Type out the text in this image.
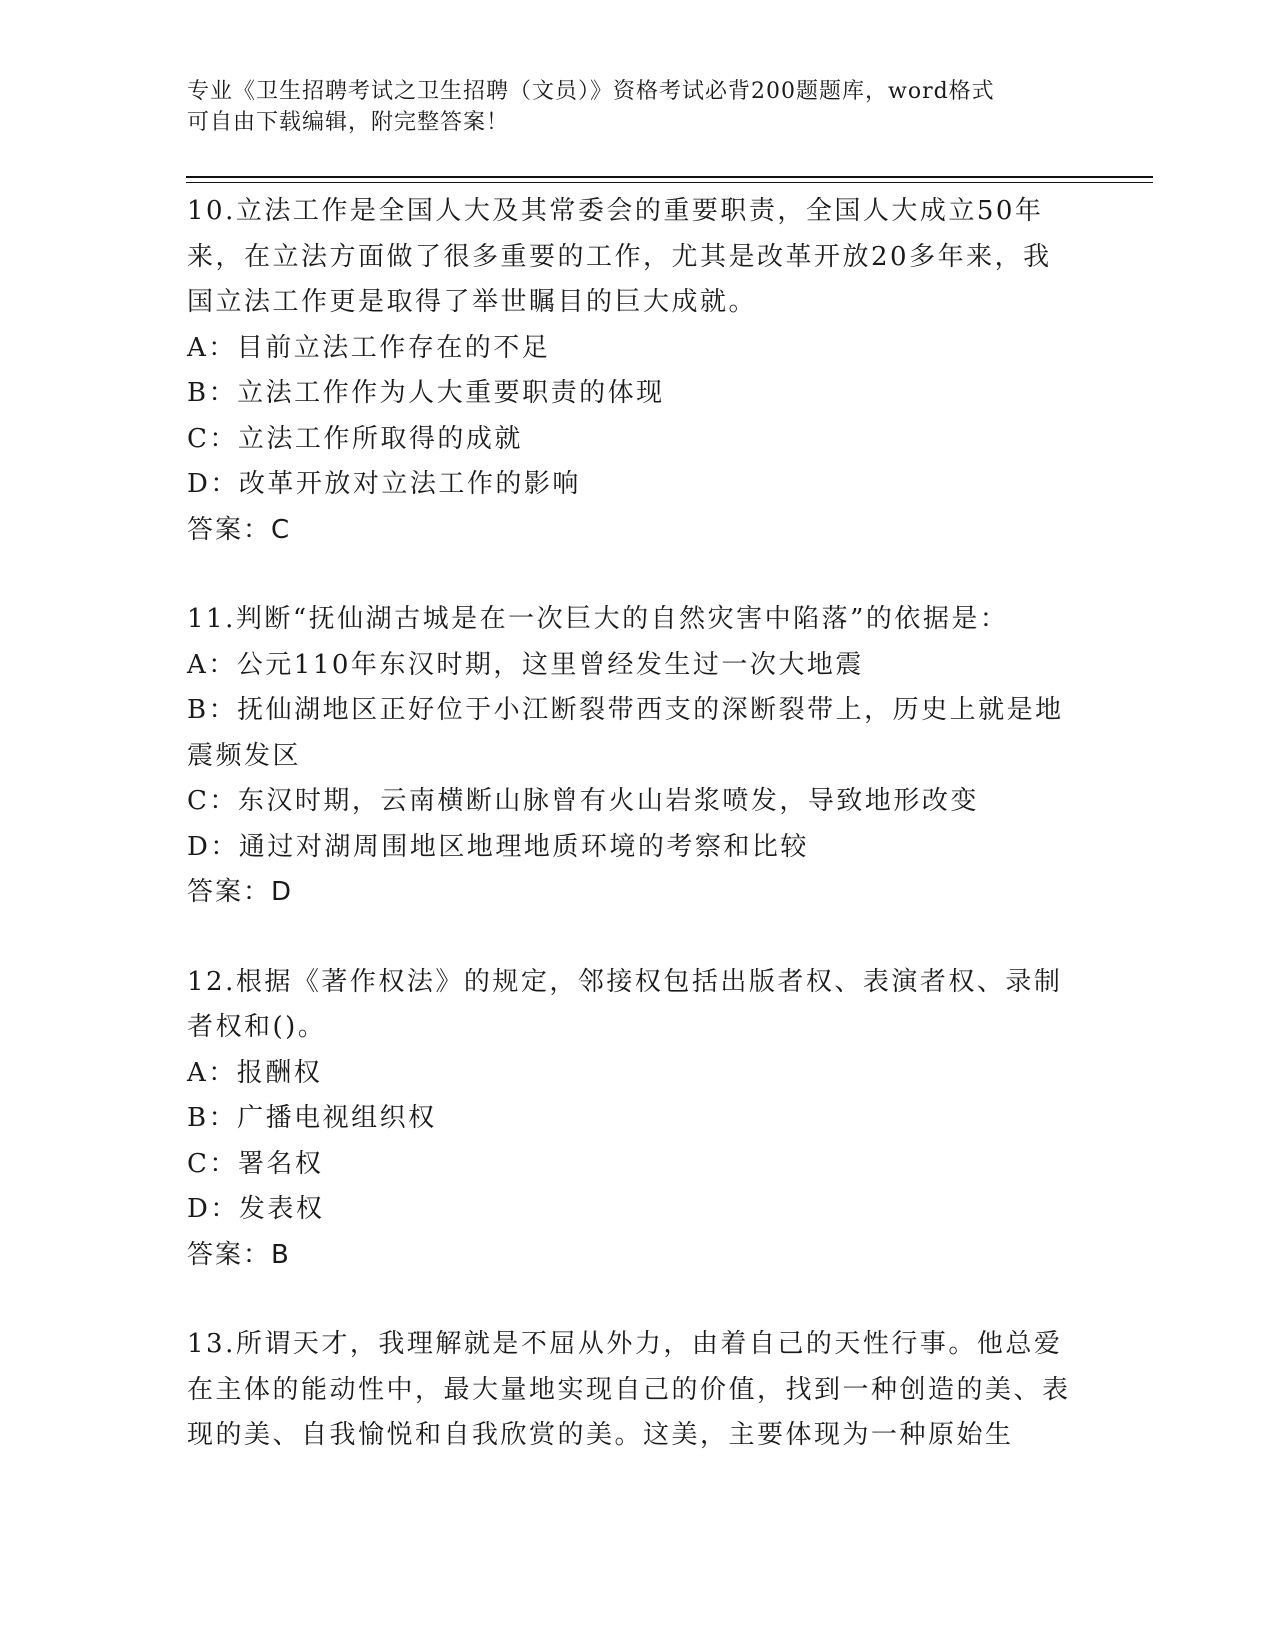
专业《卫生招聘考试之卫生招聘（文员）》资格考试必背200题题库，word格式
可自由下载编辑，附完整答案！

10.立法工作是全国人大及其常委会的重要职责，全国人大成立50年来，在立法方面做了很多重要的工作，尤其是改革开放20多年来，我国立法工作更是取得了举世瞩目的巨大成就。

A：目前立法工作存在的不足

B：立法工作作为人大重要职责的体现

C：立法工作所取得的成就

D：改革开放对立法工作的影响

答案：C

11.判断“抚仙湖古城是在一次巨大的自然灾害中陷落”的依据是：

A：公元110年东汉时期，这里曾经发生过一次大地震

B：抚仙湖地区正好位于小江断裂带西支的深断裂带上，历史上就是地震频发区

C：东汉时期，云南横断山脉曾有火山岩浆喷发，导致地形改变

D：通过对湖周围地区地理地质环境的考察和比较

答案：D

12.根据《著作权法》的规定，邻接权包括出版者权、表演者权、录制者权和()。

A：报酬权

B：广播电视组织权

C：署名权

D：发表权

答案：B

13.所谓天才，我理解就是不屈从外力，由着自己的天性行事。他总爱在主体的能动性中，最大量地实现自己的价值，找到一种创造的美、表现的美、自我愉悦和自我欣赏的美。这美，主要体现为一种原始生
